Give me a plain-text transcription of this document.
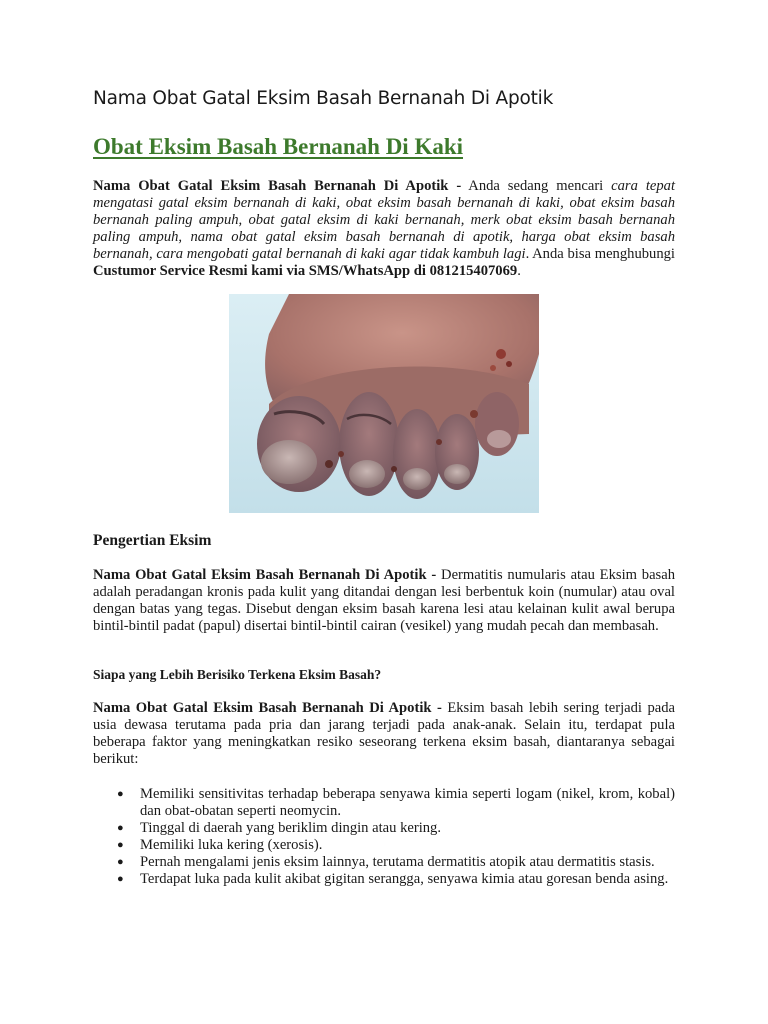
Nama Obat Gatal Eksim Basah Bernanah Di Apotik
Obat Eksim Basah Bernanah Di Kaki

Nama Obat Gatal Eksim Basah Bernanah Di Apotik - Anda sedang mencari cara tepat mengatasi gatal eksim bernanah di kaki, obat eksim basah bernanah di kaki, obat eksim basah bernanah paling ampuh, obat gatal eksim di kaki bernanah, merk obat eksim basah bernanah paling ampuh, nama obat gatal eksim basah bernanah di apotik, harga obat eksim basah bernanah, cara mengobati gatal bernanah di kaki agar tidak kambuh lagi. Anda bisa menghubungi Custumor Service Resmi kami via SMS/WhatsApp di 081215407069.

Pengertian Eksim

Nama Obat Gatal Eksim Basah Bernanah Di Apotik - Dermatitis numularis atau Eksim basah adalah peradangan kronis pada kulit yang ditandai dengan lesi berbentuk koin (numular) atau oval dengan batas yang tegas. Disebut dengan eksim basah karena lesi atau kelainan kulit awal berupa bintil-bintil padat (papul) disertai bintil-bintil cairan (vesikel) yang mudah pecah dan membasah.

Siapa yang Lebih Berisiko Terkena Eksim Basah?

Nama Obat Gatal Eksim Basah Bernanah Di Apotik - Eksim basah lebih sering terjadi pada usia dewasa terutama pada pria dan jarang terjadi pada anak-anak. Selain itu, terdapat pula beberapa faktor yang meningkatkan resiko seseorang terkena eksim basah, diantaranya sebagai berikut:

● Memiliki sensitivitas terhadap beberapa senyawa kimia seperti logam (nikel, krom, kobal) dan obat-obatan seperti neomycin.
● Tinggal di daerah yang beriklim dingin atau kering.
● Memiliki luka kering (xerosis).
● Pernah mengalami jenis eksim lainnya, terutama dermatitis atopik atau dermatitis stasis.
● Terdapat luka pada kulit akibat gigitan serangga, senyawa kimia atau goresan benda asing.
